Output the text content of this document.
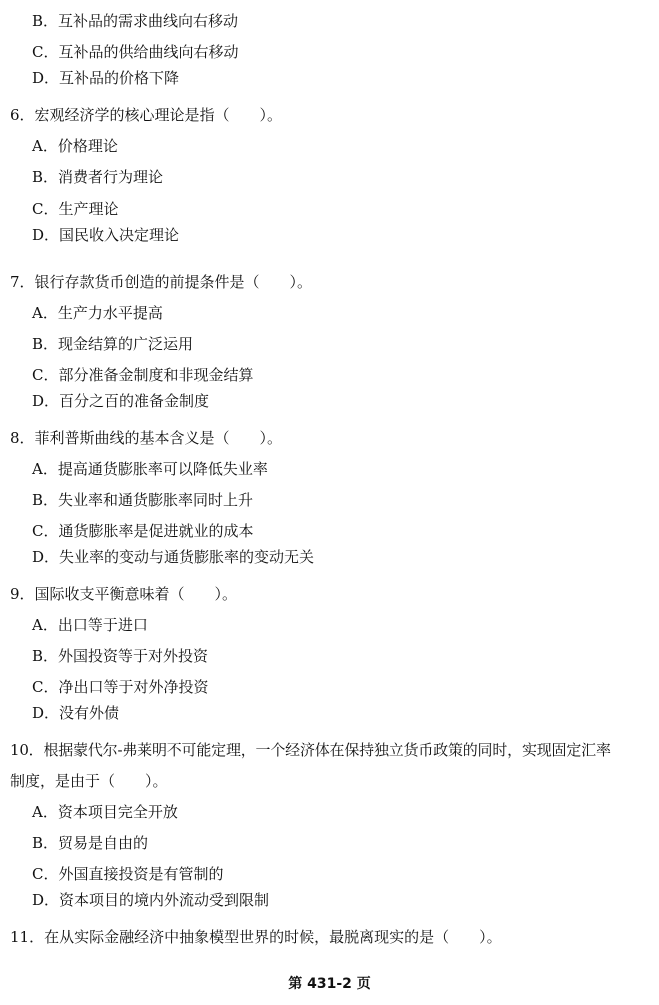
B．互补品的需求曲线向右移动
C．互补品的供给曲线向右移动
D．互补品的价格下降
6．宏观经济学的核心理论是指（　　）。
A．价格理论
B．消费者行为理论
C．生产理论
D．国民收入决定理论
7．银行存款货币创造的前提条件是（　　）。
A．生产力水平提高
B．现金结算的广泛运用
C．部分准备金制度和非现金结算
D．百分之百的准备金制度
8．菲利普斯曲线的基本含义是（　　）。
A．提高通货膨胀率可以降低失业率
B．失业率和通货膨胀率同时上升
C．通货膨胀率是促进就业的成本
D．失业率的变动与通货膨胀率的变动无关
9．国际收支平衡意味着（　　）。
A．出口等于进口
B．外国投资等于对外投资
C．净出口等于对外净投资
D．没有外债
10．根据蒙代尔-弗莱明不可能定理，一个经济体在保持独立货币政策的同时，实现固定汇率
制度，是由于（　　）。
A．资本项目完全开放
B．贸易是自由的
C．外国直接投资是有管制的
D．资本项目的境内外流动受到限制
11．在从实际金融经济中抽象模型世界的时候，最脱离现实的是（　　）。
第 431-2 页
